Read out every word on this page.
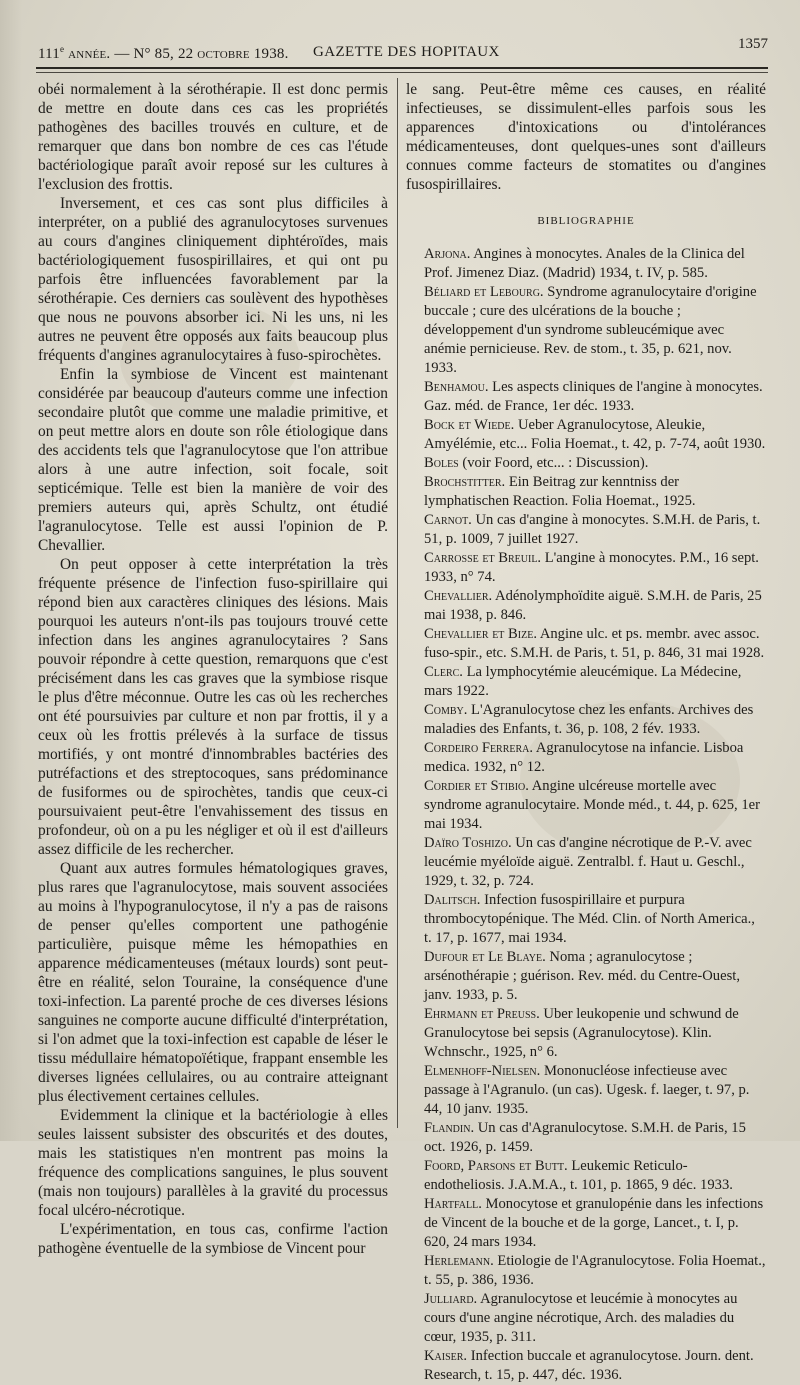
111e année. — N° 85, 22 octobre 1938. GAZETTE DES HOPITAUX	1357

obéi normalement à la sérothérapie. Il est donc permis de mettre en doute dans ces cas les propriétés pathogènes des bacilles trouvés en culture, et de remarquer que dans bon nombre de ces cas l'étude bactériologique paraît avoir reposé sur les cultures à l'exclusion des frottis.

Inversement, et ces cas sont plus difficiles à interpréter, on a publié des agranulocytoses survenues au cours d'angines cliniquement diphtéroïdes, mais bactériologiquement fusospirillaires, et qui ont pu parfois être influencées favorablement par la sérothérapie. Ces derniers cas soulèvent des hypothèses que nous ne pouvons absorber ici. Ni les uns, ni les autres ne peuvent être opposés aux faits beaucoup plus fréquents d'angines agranulocytaires à fuso-spirochètes.

Enfin la symbiose de Vincent est maintenant considérée par beaucoup d'auteurs comme une infection secondaire plutôt que comme une maladie primitive, et on peut mettre alors en doute son rôle étiologique dans des accidents tels que l'agranulocytose que l'on attribue alors à une autre infection, soit focale, soit septicémique. Telle est bien la manière de voir des premiers auteurs qui, après Schultz, ont étudié l'agranulocytose. Telle est aussi l'opinion de P. Chevallier.

On peut opposer à cette interprétation la très fréquente présence de l'infection fuso-spirillaire qui répond bien aux caractères cliniques des lésions. Mais pourquoi les auteurs n'ont-ils pas toujours trouvé cette infection dans les angines agranulocytaires ? Sans pouvoir répondre à cette question, remarquons que c'est précisément dans les cas graves que la symbiose risque le plus d'être méconnue. Outre les cas où les recherches ont été poursuivies par culture et non par frottis, il y a ceux où les frottis prélevés à la surface de tissus mortifiés, y ont montré d'innombrables bactéries des putréfactions et des streptocoques, sans prédominance de fusiformes ou de spirochètes, tandis que ceux-ci poursuivaient peut-être l'envahissement des tissus en profondeur, où on a pu les négliger et où il est d'ailleurs assez difficile de les rechercher.

Quant aux autres formules hématologiques graves, plus rares que l'agranulocytose, mais souvent associées au moins à l'hypogranulocytose, il n'y a pas de raisons de penser qu'elles comportent une pathogénie particulière, puisque même les hémopathies en apparence médicamenteuses (métaux lourds) sont peut-être en réalité, selon Touraine, la conséquence d'une toxi-infection. La parenté proche de ces diverses lésions sanguines ne comporte aucune difficulté d'interprétation, si l'on admet que la toxi-infection est capable de léser le tissu médullaire hématopoïétique, frappant ensemble les diverses lignées cellulaires, ou au contraire atteignant plus électivement certaines cellules.

Evidemment la clinique et la bactériologie à elles seules laissent subsister des obscurités et des doutes, mais les statistiques n'en montrent pas moins la fréquence des complications sanguines, le plus souvent (mais non toujours) parallèles à la gravité du processus focal ulcéro-nécrotique.

L'expérimentation, en tous cas, confirme l'action pathogène éventuelle de la symbiose de Vincent pour

le sang. Peut-être même ces causes, en réalité infectieuses, se dissimulent-elles parfois sous les apparences d'intoxications ou d'intolérances médicamenteuses, dont quelques-unes sont d'ailleurs connues comme facteurs de stomatites ou d'angines fusospirillaires.

BIBLIOGRAPHIE

Arjona. Angines à monocytes. Anales de la Clinica del Prof. Jimenez Diaz. (Madrid) 1934, t. IV, p. 585.

Béliard et Lebourg. Syndrome agranulocytaire d'origine buccale ; cure des ulcérations de la bouche ; développement d'un syndrome subleucémique avec anémie pernicieuse. Rev. de stom., t. 35, p. 621, nov. 1933.

Benhamou. Les aspects cliniques de l'angine à monocytes. Gaz. méd. de France, 1er déc. 1933.

Bock et Wiede. Ueber Agranulocytose, Aleukie, Amyélémie, etc... Folia Hoemat., t. 42, p. 7-74, août 1930.

Boles (voir Foord, etc... : Discussion).

Brochstitter. Ein Beitrag zur kenntniss der lymphatischen Reaction. Folia Hoemat., 1925.

Carnot. Un cas d'angine à monocytes. S.M.H. de Paris, t. 51, p. 1009, 7 juillet 1927.

Carrosse et Breuil. L'angine à monocytes. P.M., 16 sept. 1933, n° 74.

Chevallier. Adénolymphoïdite aiguë. S.M.H. de Paris, 25 mai 1938, p. 846.

Chevallier et Bize. Angine ulc. et ps. membr. avec assoc. fuso-spir., etc. S.M.H. de Paris, t. 51, p. 846, 31 mai 1928.

Clerc. La lymphocytémie aleucémique. La Médecine, mars 1922.

Comby. L'Agranulocytose chez les enfants. Archives des maladies des Enfants, t. 36, p. 108, 2 fév. 1933.

Cordeiro Ferrera. Agranulocytose na infancie. Lisboa medica. 1932, n° 12.

Cordier et Stibio. Angine ulcéreuse mortelle avec syndrome agranulocytaire. Monde méd., t. 44, p. 625, 1er mai 1934.

Daïro Toshizo. Un cas d'angine nécrotique de P.-V. avec leucémie myéloïde aiguë. Zentralbl. f. Haut u. Geschl., 1929, t. 32, p. 724.

Dalitsch. Infection fusospirillaire et purpura thrombocytopénique. The Méd. Clin. of North America., t. 17, p. 1677, mai 1934.

Dufour et Le Blaye. Noma ; agranulocytose ; arsénothérapie ; guérison. Rev. méd. du Centre-Ouest, janv. 1933, p. 5.

Ehrmann et Preuss. Uber leukopenie und schwund de Granulocytose bei sepsis (Agranulocytose). Klin. Wchnschr., 1925, n° 6.

Elmenhoff-Nielsen. Mononucléose infectieuse avec passage à l'Agranulo. (un cas). Ugesk. f. laeger, t. 97, p. 44, 10 janv. 1935.

Flandin. Un cas d'Agranulocytose. S.M.H. de Paris, 15 oct. 1926, p. 1459.

Foord, Parsons et Butt. Leukemic Reticulo-endotheliosis. J.A.M.A., t. 101, p. 1865, 9 déc. 1933.

Hartfall. Monocytose et granulopénie dans les infections de Vincent de la bouche et de la gorge, Lancet., t. I, p. 620, 24 mars 1934.

Herlemann. Etiologie de l'Agranulocytose. Folia Hoemat., t. 55, p. 386, 1936.

Julliard. Agranulocytose et leucémie à monocytes au cours d'une angine nécrotique, Arch. des maladies du cœur, 1935, p. 311.

Kaiser. Infection buccale et agranulocytose. Journ. dent. Research, t. 15, p. 447, déc. 1936.
